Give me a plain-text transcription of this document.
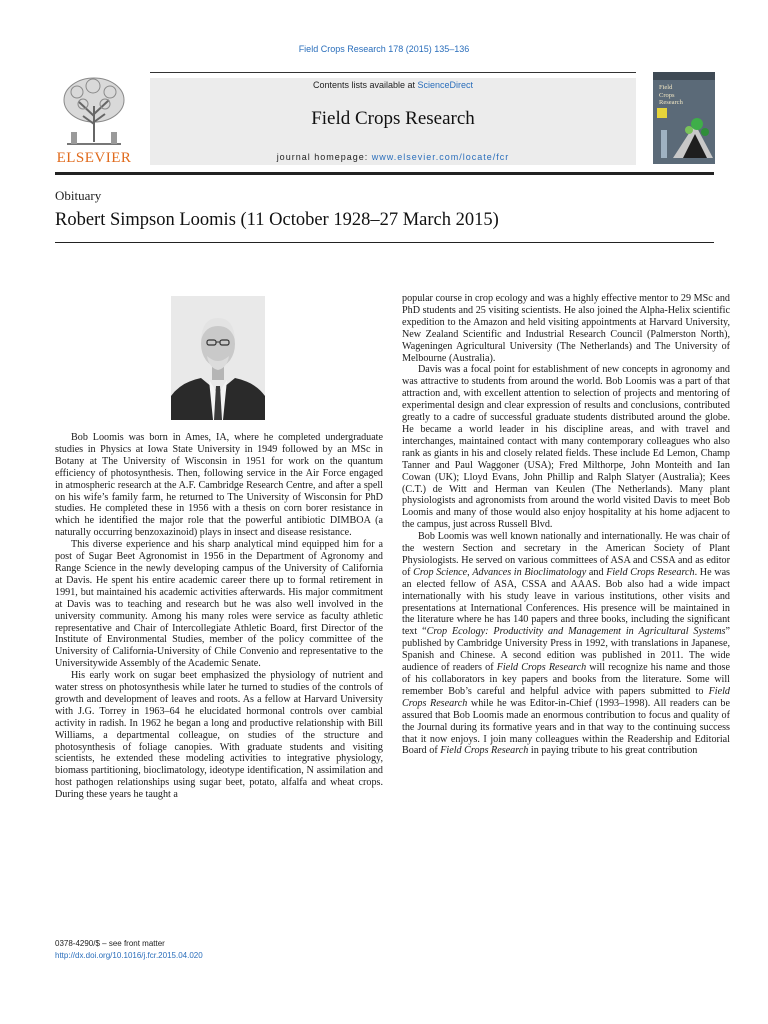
Field Crops Research 178 (2015) 135–136
ELSEVIER
Contents lists available at ScienceDirect
Field Crops Research
journal homepage: www.elsevier.com/locate/fcr
Field
Crops
Research
Obituary
Robert Simpson Loomis (11 October 1928–27 March 2015)

Bob Loomis was born in Ames, IA, where he completed undergraduate studies in Physics at Iowa State University in 1949 followed by an MSc in Botany at The University of Wisconsin in 1951 for work on the quantum efficiency of photosynthesis. Then, following service in the Air Force engaged in atmospheric research at the A.F. Cambridge Research Centre, and after a spell on his wife’s family farm, he returned to The University of Wisconsin for PhD studies. He completed these in 1956 with a thesis on corn borer resistance in which he identified the major role that the powerful antibiotic DIMBOA (a naturally occurring benzoxazinoid) plays in insect and disease resistance.

This diverse experience and his sharp analytical mind equipped him for a post of Sugar Beet Agronomist in 1956 in the Department of Agronomy and Range Science in the newly developing campus of the University of California at Davis. He spent his entire academic career there up to formal retirement in 1991, but maintained his academic activities afterwards. His major commitment at Davis was to teaching and research but he was also well involved in the university community. Among his many roles were service as faculty athletic representative and Chair of Intercollegiate Athletic Board, first Director of the Institute of Environmental Studies, member of the policy committee of the University of California-University of Chile Convenio and representative to the Universitywide Assembly of the Academic Senate.

His early work on sugar beet emphasized the physiology of nutrient and water stress on photosynthesis while later he turned to studies of the controls of growth and development of leaves and roots. As a fellow at Harvard University with J.G. Torrey in 1963–64 he elucidated hormonal controls over cambial activity in radish. In 1962 he began a long and productive relationship with Bill Williams, a departmental colleague, on studies of the structure and photosynthesis of foliage canopies. With graduate students and visiting scientists, he extended these modeling activities to integrative physiology, biomass partitioning, bioclimatology, ideotype identification, N assimilation and host pathogen relationships using sugar beet, potato, alfalfa and wheat crops. During these years he taught a

popular course in crop ecology and was a highly effective mentor to 29 MSc and PhD students and 25 visiting scientists. He also joined the Alpha-Helix scientific expedition to the Amazon and held visiting appointments at Harvard University, New Zealand Scientific and Industrial Research Council (Palmerston North), Wageningen Agricultural University (The Netherlands) and The University of Melbourne (Australia).

Davis was a focal point for establishment of new concepts in agronomy and was attractive to students from around the world. Bob Loomis was a part of that attraction and, with excellent attention to selection of projects and mentoring of experimental design and clear expression of results and conclusions, contributed greatly to a cadre of successful graduate students distributed around the globe. He became a world leader in his discipline areas, and with travel and interchanges, maintained contact with many contemporary colleagues who also rank as giants in his and closely related fields. These include Ed Lemon, Champ Tanner and Paul Waggoner (USA); Fred Milthorpe, John Monteith and Ian Cowan (UK); Lloyd Evans, John Phillip and Ralph Slatyer (Australia); Kees (C.T.) de Witt and Herman van Keulen (The Netherlands). Many plant physiologists and agronomists from around the world visited Davis to meet Bob Loomis and many of those would also enjoy hospitality at his home adjacent to the campus, just across Russell Blvd.

Bob Loomis was well known nationally and internationally. He was chair of the western Section and secretary in the American Society of Plant Physiologists. He served on various committees of ASA and CSSA and as editor of Crop Science, Advances in Bioclimatology and Field Crops Research. He was an elected fellow of ASA, CSSA and AAAS. Bob also had a wide impact internationally with his study leave in various institutions, other visits and presentations at International Conferences. His presence will be maintained in the literature where he has 140 papers and three books, including the significant text “Crop Ecology: Productivity and Management in Agricultural Systems” published by Cambridge University Press in 1992, with translations in Japanese, Spanish and Chinese. A second edition was published in 2011. The wide audience of readers of Field Crops Research will recognize his name and those of his collaborators in key papers and books from the literature. Some will remember Bob’s careful and helpful advice with papers submitted to Field Crops Research while he was Editor-in-Chief (1993–1998). All readers can be assured that Bob Loomis made an enormous contribution to focus and quality of the Journal during its formative years and in that way to the continuing success that it now enjoys. I join many colleagues within the Readership and Editorial Board of Field Crops Research in paying tribute to his great contribution

0378-4290/$ – see front matter
http://dx.doi.org/10.1016/j.fcr.2015.04.020
